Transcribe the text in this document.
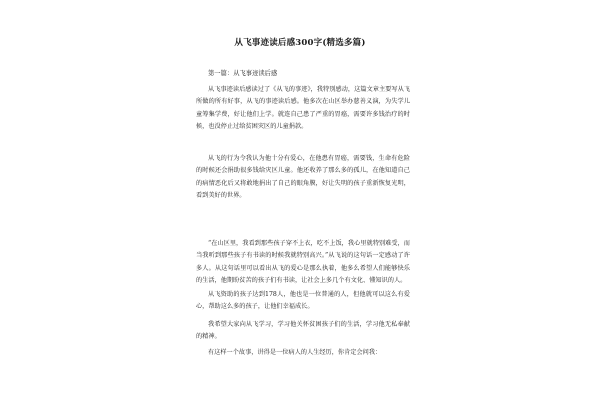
从飞事迹读后感300字(精选多篇)
第一篇：从飞事迹读后感
从飞事迹读后感读过了《从飞的事迹》，我特别感动，这篇文章主要写从飞所做的所有好事，从飞的事迹读后感。他多次在山区举办慈善义演，为失学儿童筹集学费，好让他们上学。就连自己患了严重的胃癌，需要许多钱治疗的时候，也没停止过给贫困灾区的儿童捐款。
从飞的行为令我认为他十分有爱心，在他患有胃癌，需要钱，生命有危险的时候还会捐助很多钱给灾区儿童。他还收养了那么多的孤儿，在他知道自己的病情恶化后又将敢地捐出了自己的眼角膜，好让失明的孩子重新恢复光明，看到美好的世界。
“在山区里，我看到那些孩子穿不上衣，吃不上饭，我心里就特别难受，而当我听到那些孩子有书读的时候我就特别高兴。”从飞说的这句话一定感动了许多人。从这句话里可以看出从飞的爱心是那么执着，他多么希望人们能够快乐的生活，他期盼贫苦的孩子们有书读，让社会上多几个有文化、懂知识的人。
从飞资助的孩子达到178人，他也是一位普通的人，但他就可以这么有爱心，帮助这么多的孩子，让他们幸福成长。
我希望大家向从飞学习，学习他关怀贫困孩子们的生活，学习他无私奉献的精神。
有这样一个故事，讲得是一位病人的人生经历，你肯定会问我：
